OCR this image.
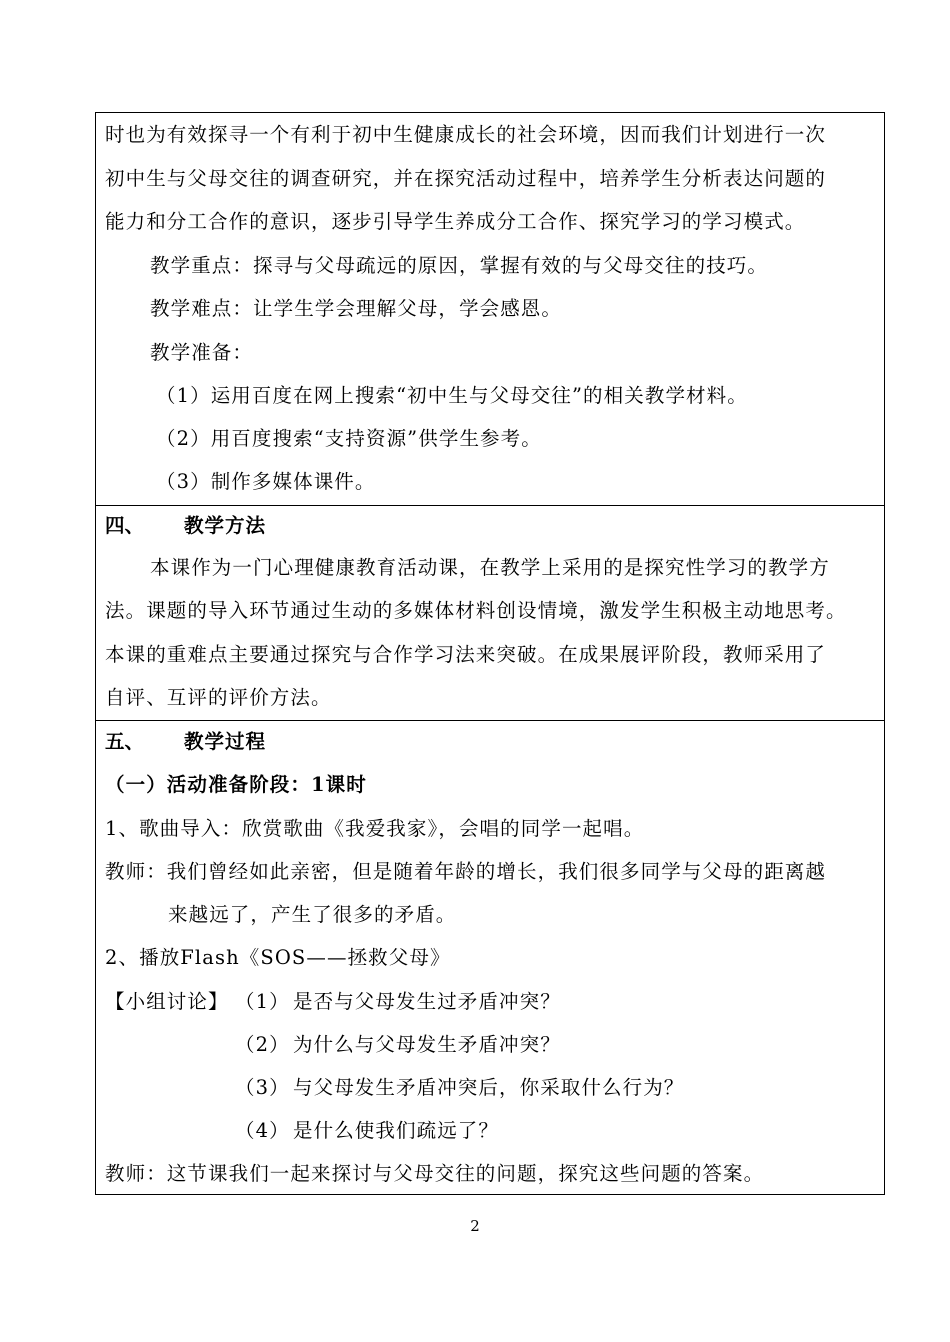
时也为有效探寻一个有利于初中生健康成长的社会环境，因而我们计划进行一次
初中生与父母交往的调查研究，并在探究活动过程中，培养学生分析表达问题的
能力和分工合作的意识，逐步引导学生养成分工合作、探究学习的学习模式。
教学重点：探寻与父母疏远的原因，掌握有效的与父母交往的技巧。
教学难点：让学生学会理解父母，学会感恩。
教学准备：
（1）运用百度在网上搜索“初中生与父母交往”的相关教学材料。
（2）用百度搜索“支持资源”供学生参考。
（3）制作多媒体课件。
四、 教学方法
本课作为一门心理健康教育活动课，在教学上采用的是探究性学习的教学方
法。课题的导入环节通过生动的多媒体材料创设情境，激发学生积极主动地思考。
本课的重难点主要通过探究与合作学习法来突破。在成果展评阶段，教师采用了
自评、互评的评价方法。
五、 教学过程
（一）活动准备阶段：1课时
1、歌曲导入：欣赏歌曲《我爱我家》，会唱的同学一起唱。
教师：我们曾经如此亲密，但是随着年龄的增长，我们很多同学与父母的距离越
来越远了，产生了很多的矛盾。
2、播放Flash《SOS——拯救父母》
【小组讨论】 （1） 是否与父母发生过矛盾冲突？
（2） 为什么与父母发生矛盾冲突？
（3） 与父母发生矛盾冲突后，你采取什么行为？
（4） 是什么使我们疏远了？
教师：这节课我们一起来探讨与父母交往的问题，探究这些问题的答案。
2
